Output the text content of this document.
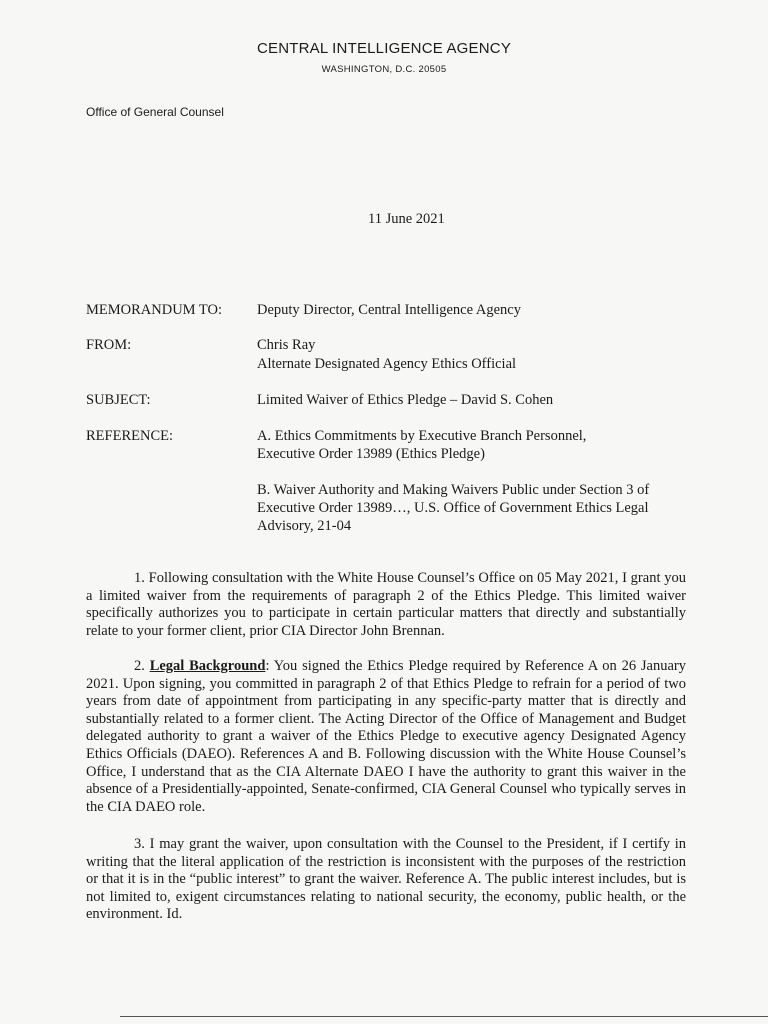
CENTRAL INTELLIGENCE AGENCY
WASHINGTON, D.C. 20505
Office of General Counsel
11 June 2021
MEMORANDUM TO: Deputy Director, Central Intelligence Agency
FROM:	Chris Ray
Alternate Designated Agency Ethics Official
SUBJECT:	Limited Waiver of Ethics Pledge – David S. Cohen
REFERENCE:	A. Ethics Commitments by Executive Branch Personnel,
Executive Order 13989 (Ethics Pledge)
B. Waiver Authority and Making Waivers Public under Section 3 of
Executive Order 13989…, U.S. Office of Government Ethics Legal
Advisory, 21-04

1. Following consultation with the White House Counsel’s Office on 05 May 2021, I grant you a limited waiver from the requirements of paragraph 2 of the Ethics Pledge. This limited waiver specifically authorizes you to participate in certain particular matters that directly and substantially relate to your former client, prior CIA Director John Brennan.

2. Legal Background: You signed the Ethics Pledge required by Reference A on 26 January 2021. Upon signing, you committed in paragraph 2 of that Ethics Pledge to refrain for a period of two years from date of appointment from participating in any specific-party matter that is directly and substantially related to a former client. The Acting Director of the Office of Management and Budget delegated authority to grant a waiver of the Ethics Pledge to executive agency Designated Agency Ethics Officials (DAEO). References A and B. Following discussion with the White House Counsel’s Office, I understand that as the CIA Alternate DAEO I have the authority to grant this waiver in the absence of a Presidentially-appointed, Senate-confirmed, CIA General Counsel who typically serves in the CIA DAEO role.

3. I may grant the waiver, upon consultation with the Counsel to the President, if I certify in writing that the literal application of the restriction is inconsistent with the purposes of the restriction or that it is in the “public interest” to grant the waiver. Reference A. The public interest includes, but is not limited to, exigent circumstances relating to national security, the economy, public health, or the environment. Id.
